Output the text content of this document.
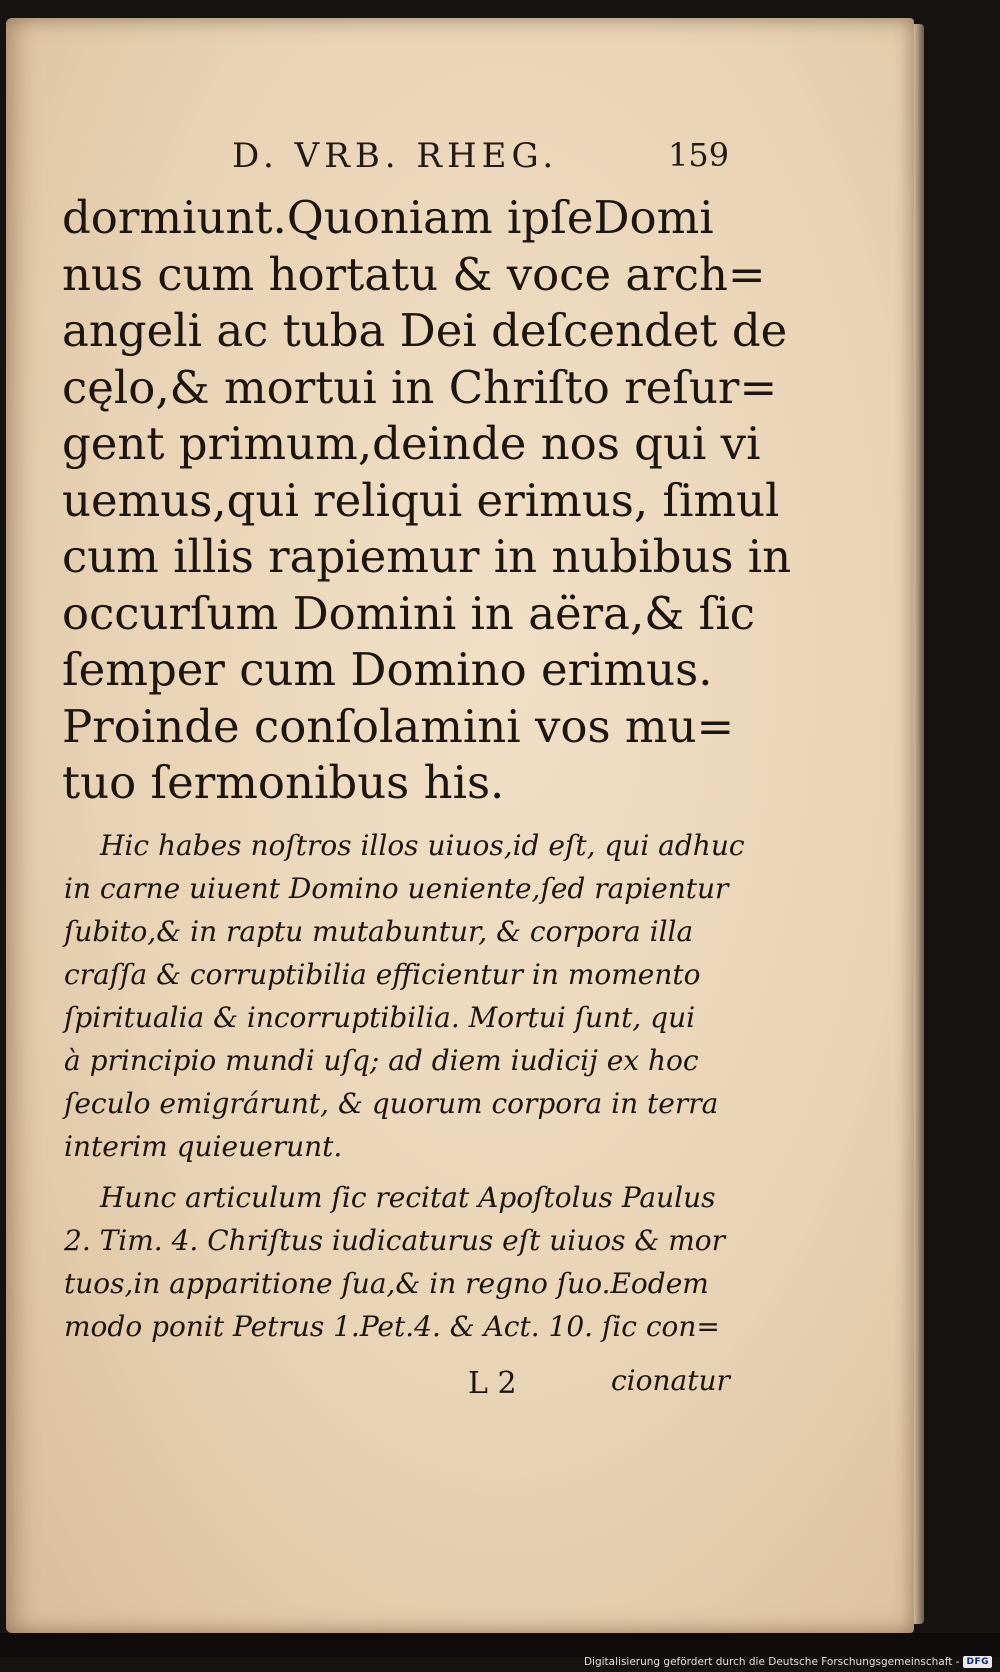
D. VRB. RHEG.	159
dormiunt.Quoniam ipſeDomi
nus cum hortatu & voce arch=
angeli ac tuba Dei deſcendet de
cęlo,& mortui in Chriſto reſur=
gent primum,deinde nos qui vi
uemus,qui reliqui erimus, ſimul
cum illis rapiemur in nubibus in
occurſum Domini in aëra,& ſic
ſemper cum Domino erimus.
Proinde conſolamini vos mu=
tuo ſermonibus his.
Hic habes noſtros illos uiuos,id eſt, qui adhuc
in carne uiuent Domino ueniente,ſed rapientur
ſubito,& in raptu mutabuntur, & corpora illa
craſſa & corruptibilia efficientur in momento
ſpiritualia & incorruptibilia. Mortui ſunt, qui
à principio mundi uſq; ad diem iudicij ex hoc
ſeculo emigrárunt, & quorum corpora in terra
interim quieuerunt.
Hunc articulum ſic recitat Apoſtolus Paulus
2. Tim. 4. Chriſtus iudicaturus eſt uiuos & mor
tuos,in apparitione ſua,& in regno ſuo.Eodem
modo ponit Petrus 1.Pet.4. & Act. 10. ſic con=
L 2	cionatur
Digitalisierung gefördert durch die Deutsche Forschungsgemeinschaft - DFG
